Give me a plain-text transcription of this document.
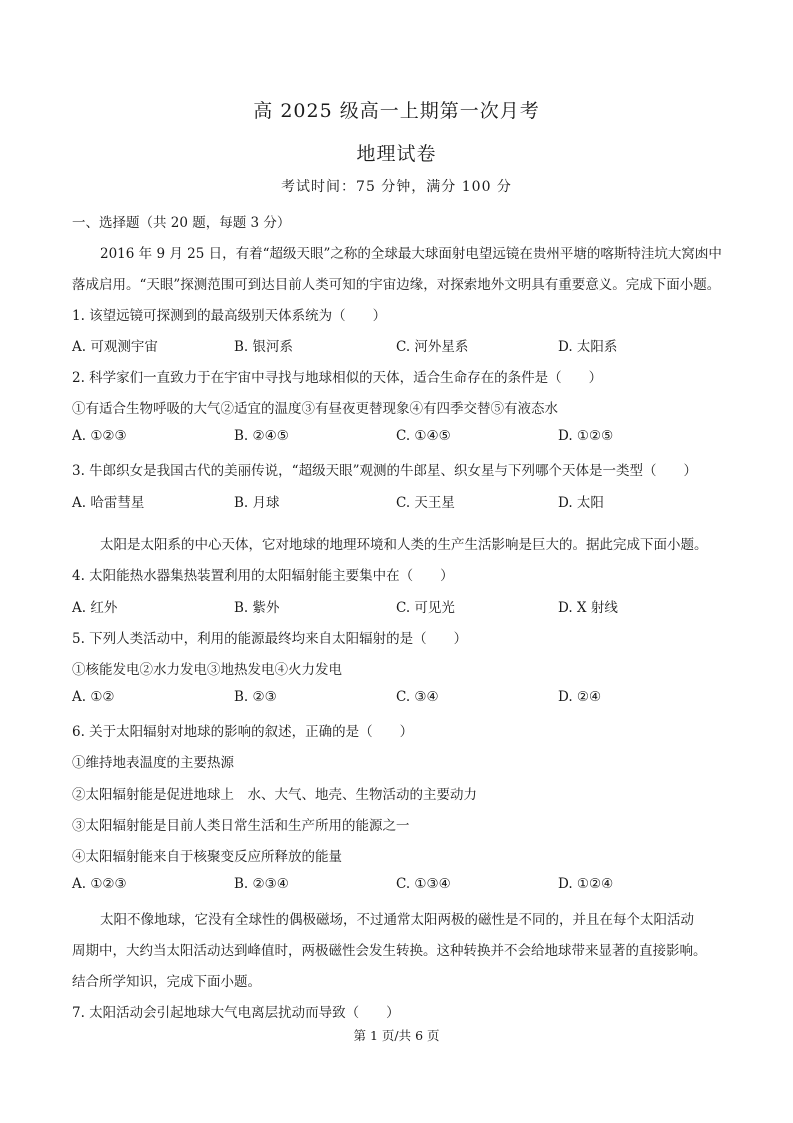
高 2025 级高一上期第一次月考
地理试卷
考试时间：75 分钟，满分 100 分
一、选择题（共 20 题，每题 3 分）
2016 年 9 月 25 日，有着“超级天眼”之称的全球最大球面射电望远镜在贵州平塘的喀斯特洼坑大窝凼中
落成启用。“天眼”探测范围可到达目前人类可知的宇宙边缘，对探索地外文明具有重要意义。完成下面小题。
1. 该望远镜可探测到的最高级别天体系统为（　　）
A. 可观测宇宙	B. 银河系	C. 河外星系	D. 太阳系
2. 科学家们一直致力于在宇宙中寻找与地球相似的天体，适合生命存在的条件是（　　）
①有适合生物呼吸的大气②适宜的温度③有昼夜更替现象④有四季交替⑤有液态水
A. ①②③	B. ②④⑤	C. ①④⑤	D. ①②⑤
3. 牛郎织女是我国古代的美丽传说，“超级天眼”观测的牛郎星、织女星与下列哪个天体是一类型（　　）
A. 哈雷彗星	B. 月球	C. 天王星	D. 太阳
太阳是太阳系的中心天体，它对地球的地理环境和人类的生产生活影响是巨大的。据此完成下面小题。
4. 太阳能热水器集热装置利用的太阳辐射能主要集中在（　　）
A. 红外	B. 紫外	C. 可见光	D. X 射线
5. 下列人类活动中，利用的能源最终均来自太阳辐射的是（　　）
①核能发电②水力发电③地热发电④火力发电
A. ①②	B. ②③	C. ③④	D. ②④
6. 关于太阳辐射对地球的影响的叙述，正确的是（　　）
①维持地表温度的主要热源
②太阳辐射能是促进地球上　水、大气、地壳、生物活动的主要动力
③太阳辐射能是目前人类日常生活和生产所用的能源之一
④太阳辐射能来自于核聚变反应所释放的能量
A. ①②③	B. ②③④	C. ①③④	D. ①②④
太阳不像地球，它没有全球性的偶极磁场，不过通常太阳两极的磁性是不同的，并且在每个太阳活动
周期中，大约当太阳活动达到峰值时，两极磁性会发生转换。这种转换并不会给地球带来显著的直接影响。
结合所学知识，完成下面小题。
7. 太阳活动会引起地球大气电离层扰动而导致（　　）
第 1 页/共 6 页
